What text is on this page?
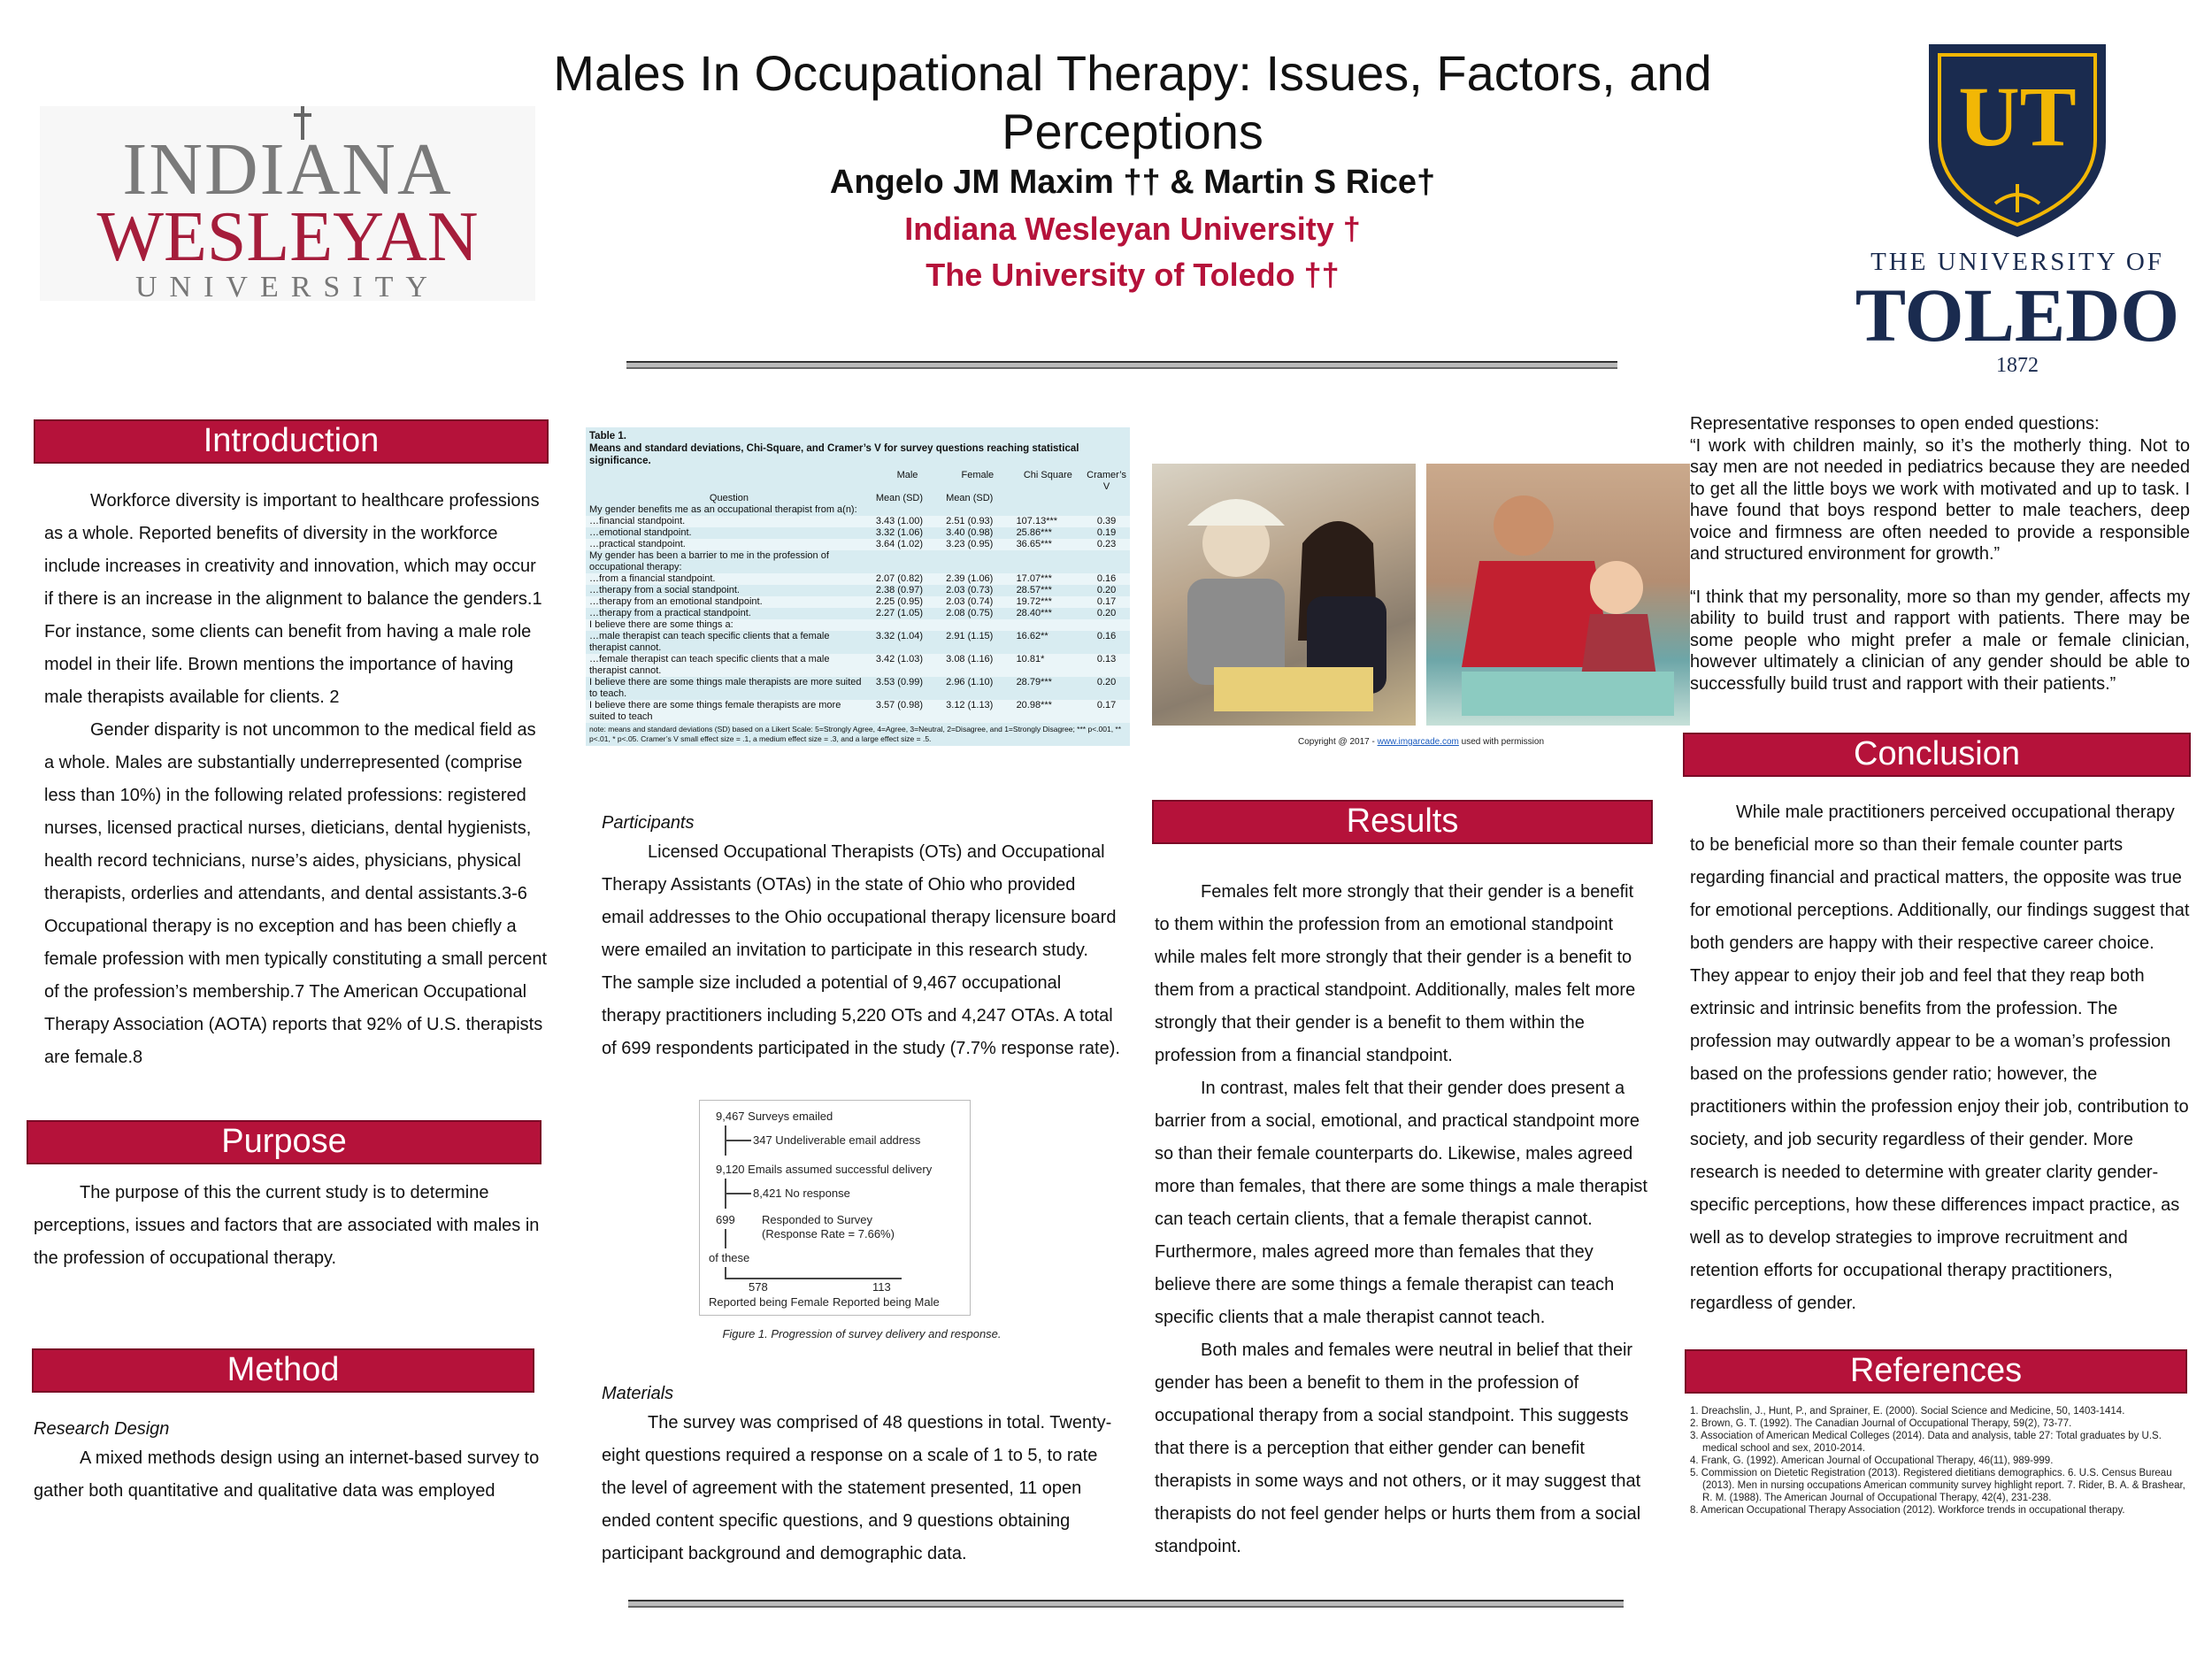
Males In Occupational Therapy: Issues, Factors, and
Perceptions
Angelo JM Maxim †† & Martin S Rice†
Indiana Wesleyan University †
The University of Toledo ††
INDIANA
WESLEYAN
UNIVERSITY
UT
THE UNIVERSITY OF
TOLEDO
1872
Introduction

Workforce diversity is important to healthcare professions as a whole. Reported benefits of diversity in the workforce include increases in creativity and innovation, which may occur if there is an increase in the alignment to balance the genders.1 For instance, some clients can benefit from having a male role model in their life. Brown mentions the importance of having male therapists available for clients. 2

Gender disparity is not uncommon to the medical field as a whole. Males are substantially underrepresented (comprise less than 10%) in the following related professions: registered nurses, licensed practical nurses, dieticians, dental hygienists, health record technicians, nurse’s aides, physicians, physical therapists, orderlies and attendants, and dental assistants.3-6 Occupational therapy is no exception and has been chiefly a female profession with men typically constituting a small percent of the profession’s membership.7 The American Occupational Therapy Association (AOTA) reports that 92% of U.S. therapists are female.8

Purpose

The purpose of this the current study is to determine perceptions, issues and factors that are associated with males in the profession of occupational therapy.

Method

Research Design

A mixed methods design using an internet-based survey to gather both quantitative and qualitative data was employed

Table 1.
Means and standard deviations, Chi-Square, and Cramer’s V for survey questions reaching statistical significance.
	Male	Female	Chi Square	Cramer’s V
Question	Mean (SD)	Mean (SD)		
My gender benefits me as an occupational therapist from a(n):				
…financial standpoint.	3.43 (1.00)	2.51 (0.93)	107.13***	0.39
…emotional standpoint.	3.32 (1.06)	3.40 (0.98)	25.86***	0.19
…practical standpoint.	3.64 (1.02)	3.23 (0.95)	36.65***	0.23
My gender has been a barrier to me in the profession of occupational therapy:				
…from a financial standpoint.	2.07 (0.82)	2.39 (1.06)	17.07***	0.16
…therapy from a social standpoint.	2.38 (0.97)	2.03 (0.73)	28.57***	0.20
…therapy from an emotional standpoint.	2.25 (0.95)	2.03 (0.74)	19.72***	0.17
…therapy from a practical standpoint.	2.27 (1.05)	2.08 (0.75)	28.40***	0.20
I believe there are some things a:				
…male therapist can teach specific clients that a female therapist cannot.	3.32 (1.04)	2.91 (1.15)	16.62**	0.16
…female therapist can teach specific clients that a male therapist cannot.	3.42 (1.03)	3.08 (1.16)	10.81*	0.13
I believe there are some things male therapists are more suited to teach.	3.53 (0.99)	2.96 (1.10)	28.79***	0.20
I believe there are some things female therapists are more suited to teach	3.57 (0.98)	3.12 (1.13)	20.98***	0.17
note: means and standard deviations (SD) based on a Likert Scale: 5=Strongly Agree, 4=Agree, 3=Neutral, 2=Disagree, and 1=Strongly Disagree; *** p<.001, ** p<.01, * p<.05. Cramer’s V small effect size = .1, a medium effect size = .3, and a large effect size = .5.

Participants

Licensed Occupational Therapists (OTs) and Occupational Therapy Assistants (OTAs) in the state of Ohio who provided email addresses to the Ohio occupational therapy licensure board were emailed an invitation to participate in this research study. The sample size included a potential of 9,467 occupational therapy practitioners including 5,220 OTs and 4,247 OTAs. A total of 699 respondents participated in the study (7.7% response rate).

9,467 Surveys emailed
347 Undeliverable email address
9,120 Emails assumed successful delivery
8,421 No response
699 Responded to Survey
(Response Rate = 7.66%)
of these
578	113
Reported being Female Reported being Male
Figure 1. Progression of survey delivery and response.

Materials

The survey was comprised of 48 questions in total. Twenty-eight questions required a response on a scale of 1 to 5, to rate the level of agreement with the statement presented, 11 open ended content specific questions, and 9 questions obtaining participant background and demographic data.

Copyright @ 2017 - www.imgarcade.com used with permission
Results

Females felt more strongly that their gender is a benefit to them within the profession from an emotional standpoint while males felt more strongly that their gender is a benefit to them from a practical standpoint. Additionally, males felt more strongly that their gender is a benefit to them within the profession from a financial standpoint.

In contrast, males felt that their gender does present a barrier from a social, emotional, and practical standpoint more so than their female counterparts do. Likewise, males agreed more than females, that there are some things a male therapist can teach certain clients, that a female therapist cannot. Furthermore, males agreed more than females that they believe there are some things a female therapist can teach specific clients that a male therapist cannot teach.

Both males and females were neutral in belief that their gender has been a benefit to them in the profession of occupational therapy from a social standpoint. This suggests that there is a perception that either gender can benefit therapists in some ways and not others, or it may suggest that therapists do not feel gender helps or hurts them from a social standpoint.

Representative responses to open ended questions:
“I work with children mainly, so it’s the motherly thing. Not to say men are not needed in pediatrics because they are needed to get all the little boys we work with motivated and up to task. I have found that boys respond better to male teachers, deep voice and firmness are often needed to provide a responsible and structured environment for growth.”
“I think that my personality, more so than my gender, affects my ability to build trust and rapport with patients. There may be some people who might prefer a male or female clinician, however ultimately a clinician of any gender should be able to successfully build trust and rapport with their patients.”
Conclusion

While male practitioners perceived occupational therapy to be beneficial more so than their female counter parts regarding financial and practical matters, the opposite was true for emotional perceptions. Additionally, our findings suggest that both genders are happy with their respective career choice. They appear to enjoy their job and feel that they reap both extrinsic and intrinsic benefits from the profession. The profession may outwardly appear to be a woman’s profession based on the professions gender ratio; however, the practitioners within the profession enjoy their job, contribution to society, and job security regardless of their gender. More research is needed to determine with greater clarity gender-specific perceptions, how these differences impact practice, as well as to develop strategies to improve recruitment and retention efforts for occupational therapy practitioners, regardless of gender.

References
1. Dreachslin, J., Hunt, P., and Sprainer, E. (2000). Social Science and Medicine, 50, 1403-1414.
2. Brown, G. T. (1992). The Canadian Journal of Occupational Therapy, 59(2), 73-77.
3. Association of American Medical Colleges (2014). Data and analysis, table 27: Total graduates by U.S. medical school and sex, 2010-2014.
4. Frank, G. (1992). American Journal of Occupational Therapy, 46(11), 989-999.
5. Commission on Dietetic Registration (2013). Registered dietitians demographics. 6. U.S. Census Bureau (2013). Men in nursing occupations American community survey highlight report. 7. Rider, B. A. & Brashear, R. M. (1988). The American Journal of Occupational Therapy, 42(4), 231-238.
8. American Occupational Therapy Association (2012). Workforce trends in occupational therapy.
